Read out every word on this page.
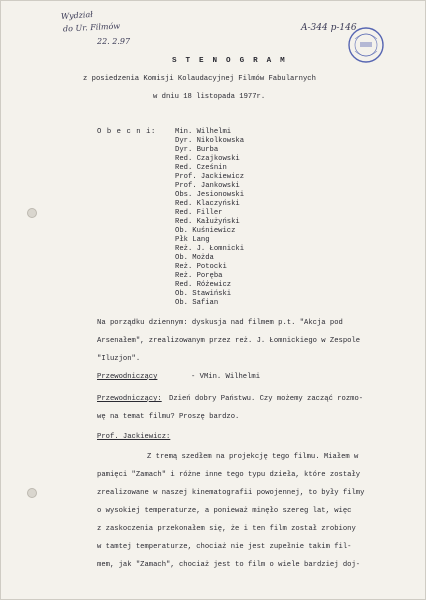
Wydział
do Ur. Filmów
22. 2.97
A-344 p-146
S T E N O G R A M
z posiedzenia Komisji Kolaudacyjnej Filmów Fabularnych
w dniu 18 listopada 1977r.
O b e c n i:	Min. Wilhelmi
Dyr. Nikolkowska
Dyr. Burba
Red. Czajkowski
Red. Cześnin
Prof. Jackiewicz
Prof. Jankowski
Obs. Jesionowski
Red. Klaczyński
Red. Filler
Red. Kałużyński
Ob. Kuśniewicz
Płk Lang
Reż. J. Łomnicki
Ob. Możda
Reż. Potocki
Reż. Poręba
Red. Różewicz
Ob. Stawiński
Ob. Safian
Na porządku dziennym: dyskusja nad filmem p.t. "Akcja pod
Arsenałem", zrealizowanym przez reż. J. Łomnickiego w Zespole
"Iluzjon".
Przewodniczący	- VMin. Wilhelmi
Przewodniczący: Dzień dobry Państwu. Czy możemy zacząć rozmo-
wę na temat filmu? Proszę bardzo.
Prof. Jackiewicz:
Z tremą szedłem na projekcję tego filmu. Miałem w
pamięci "Zamach" i różne inne tego typu dzieła, które zostały
zrealizowane w naszej kinematografii powojennej, to były filmy
o wysokiej temperaturze, a ponieważ minęło szereg lat, więc
z zaskoczenia przekonałem się, że i ten film został zrobiony
w tamtej temperaturze, chociaż nie jest zupełnie takim fil-
mem, jak "Zamach", chociaż jest to film o wiele bardziej doj-
